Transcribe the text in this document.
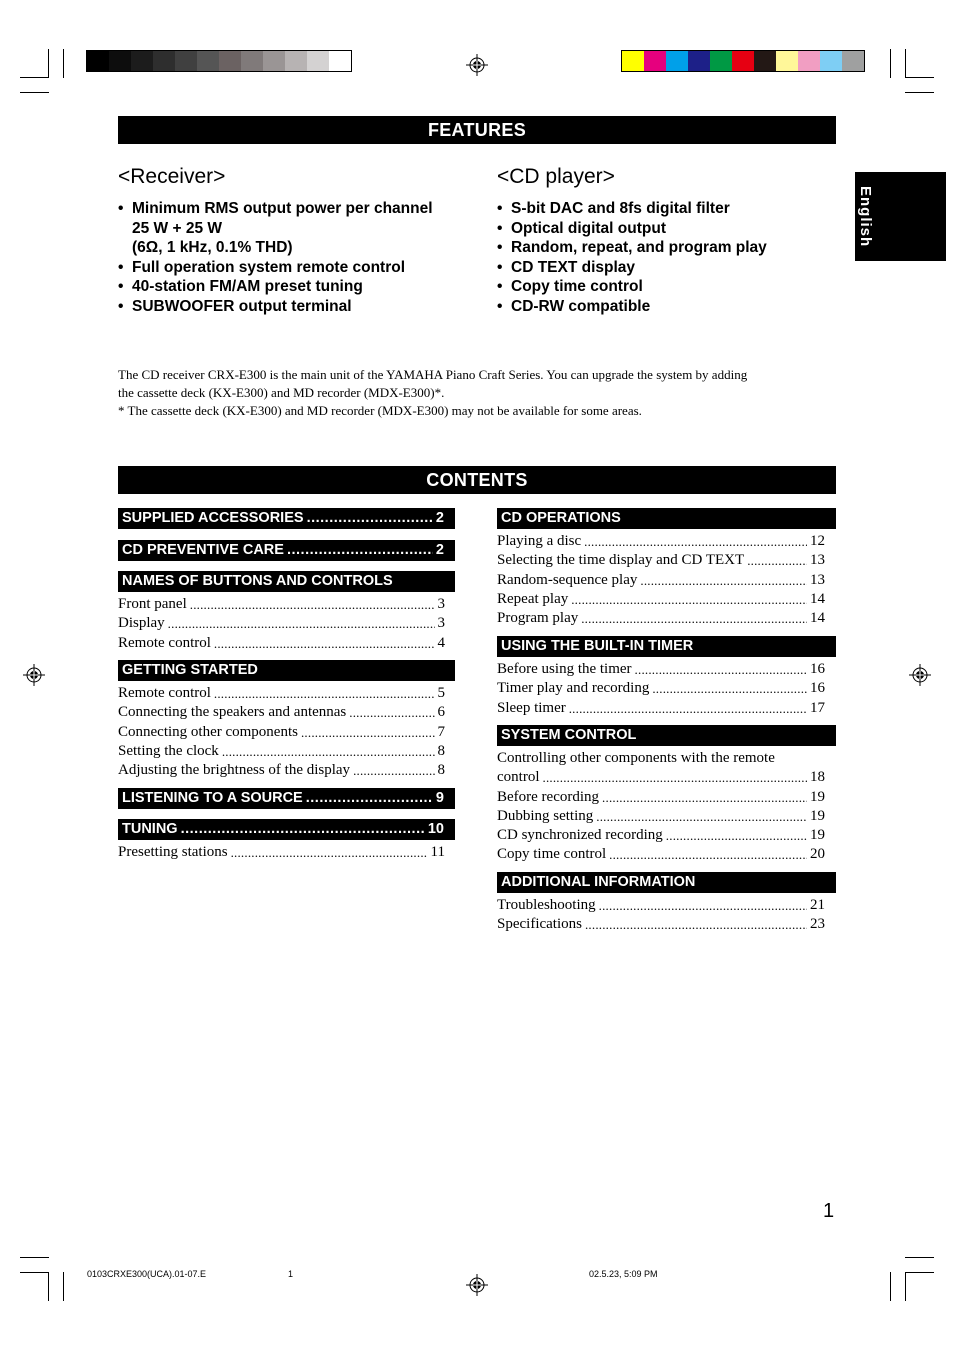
FEATURES
<Receiver>
• Minimum RMS output power per channel
25 W + 25 W
(6Ω, 1 kHz, 0.1% THD)
• Full operation system remote control
• 40-station FM/AM preset tuning
• SUBWOOFER output terminal
<CD player>
• S-bit DAC and 8fs digital filter
• Optical digital output
• Random, repeat, and program play
• CD TEXT display
• Copy time control
• CD-RW compatible
English

The CD receiver CRX-E300 is the main unit of the YAMAHA Piano Craft Series. You can upgrade the system by adding

the cassette deck (KX-E300) and MD recorder (MDX-E300)*.

* The cassette deck (KX-E300) and MD recorder (MDX-E300) may not be available for some areas.

CONTENTS
SUPPLIED ACCESSORIES .....	2
CD PREVENTIVE CARE .....	2
NAMES OF BUTTONS AND CONTROLS
Front panel .....	3
Display .....	3
Remote control .....	4
GETTING STARTED
Remote control .....	5
Connecting the speakers and antennas .....	6
Connecting other components .....	7
Setting the clock .....	8
Adjusting the brightness of the display .....	8
LISTENING TO A SOURCE .....	9
TUNING .....	10
Presetting stations .....	11
CD OPERATIONS
Playing a disc .....	12
Selecting the time display and CD TEXT .....	13
Random-sequence play .....	13
Repeat play .....	14
Program play .....	14
USING THE BUILT-IN TIMER
Before using the timer .....	16
Timer play and recording .....	16
Sleep timer .....	17
SYSTEM CONTROL
Controlling other components with the remote
control .....	18
Before recording .....	19
Dubbing setting .....	19
CD synchronized recording .....	19
Copy time control .....	20
ADDITIONAL INFORMATION
Troubleshooting .....	21
Specifications .....	23
1
0103CRXE300(UCA).01-07.E	1	02.5.23, 5:09 PM
